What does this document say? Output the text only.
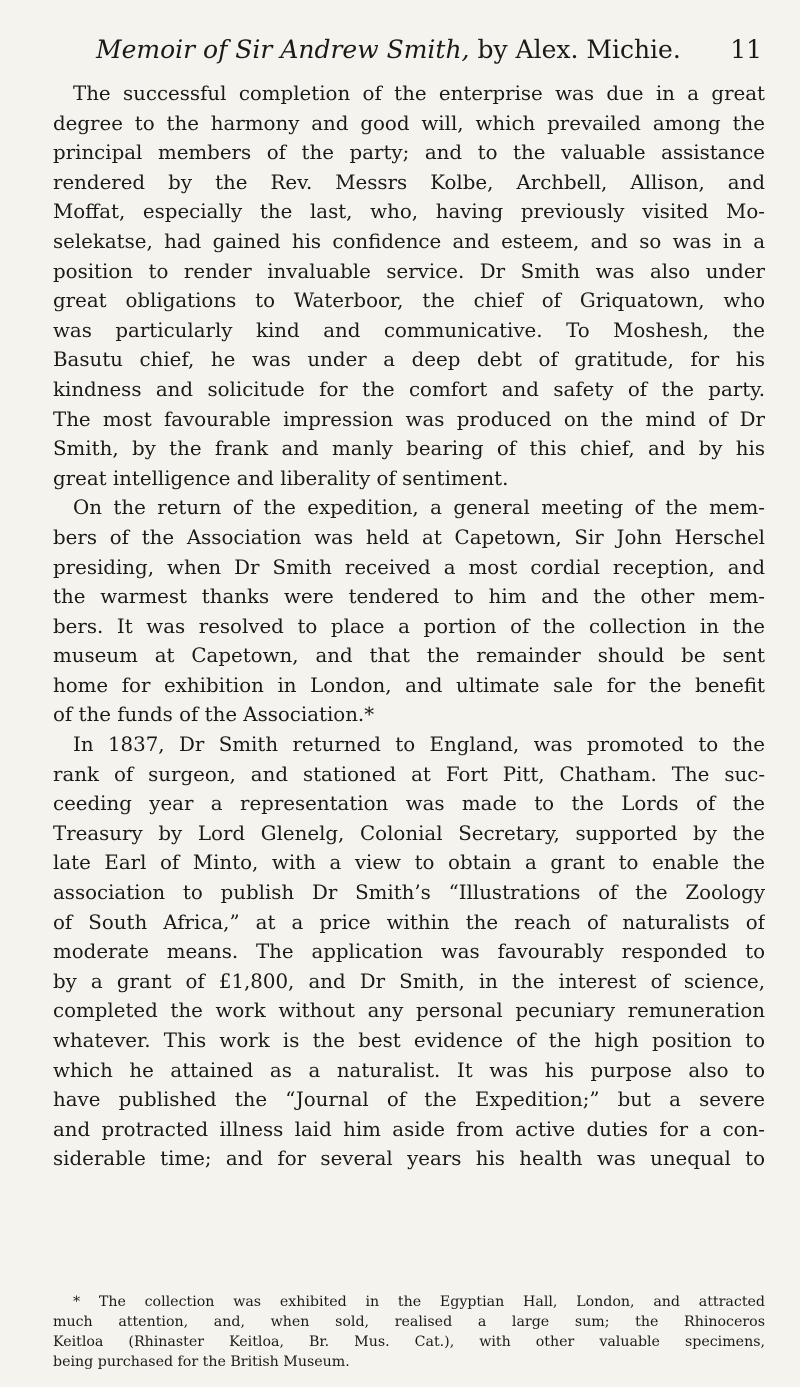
Memoir of Sir Andrew Smith, by Alex. Michie. 11
The successful completion of the enterprise was due in a great
degree to the harmony and good will, which prevailed among the
principal members of the party; and to the valuable assistance
rendered by the Rev. Messrs Kolbe, Archbell, Allison, and
Moffat, especially the last, who, having previously visited Mo-
selekatse, had gained his confidence and esteem, and so was in a
position to render invaluable service. Dr Smith was also under
great obligations to Waterboor, the chief of Griquatown, who
was particularly kind and communicative. To Moshesh, the
Basutu chief, he was under a deep debt of gratitude, for his
kindness and solicitude for the comfort and safety of the party.
The most favourable impression was produced on the mind of Dr
Smith, by the frank and manly bearing of this chief, and by his
great intelligence and liberality of sentiment.
On the return of the expedition, a general meeting of the mem-
bers of the Association was held at Capetown, Sir John Herschel
presiding, when Dr Smith received a most cordial reception, and
the warmest thanks were tendered to him and the other mem-
bers. It was resolved to place a portion of the collection in the
museum at Capetown, and that the remainder should be sent
home for exhibition in London, and ultimate sale for the benefit
of the funds of the Association.*
In 1837, Dr Smith returned to England, was promoted to the
rank of surgeon, and stationed at Fort Pitt, Chatham. The suc-
ceeding year a representation was made to the Lords of the
Treasury by Lord Glenelg, Colonial Secretary, supported by the
late Earl of Minto, with a view to obtain a grant to enable the
association to publish Dr Smith’s “Illustrations of the Zoology
of South Africa,” at a price within the reach of naturalists of
moderate means. The application was favourably responded to
by a grant of £1,800, and Dr Smith, in the interest of science,
completed the work without any personal pecuniary remuneration
whatever. This work is the best evidence of the high position to
which he attained as a naturalist. It was his purpose also to
have published the “Journal of the Expedition;” but a severe
and protracted illness laid him aside from active duties for a con-
siderable time; and for several years his health was unequal to
* The collection was exhibited in the Egyptian Hall, London, and attracted
much attention, and, when sold, realised a large sum; the Rhinoceros
Keitloa (Rhinaster Keitloa, Br. Mus. Cat.), with other valuable specimens,
being purchased for the British Museum.
